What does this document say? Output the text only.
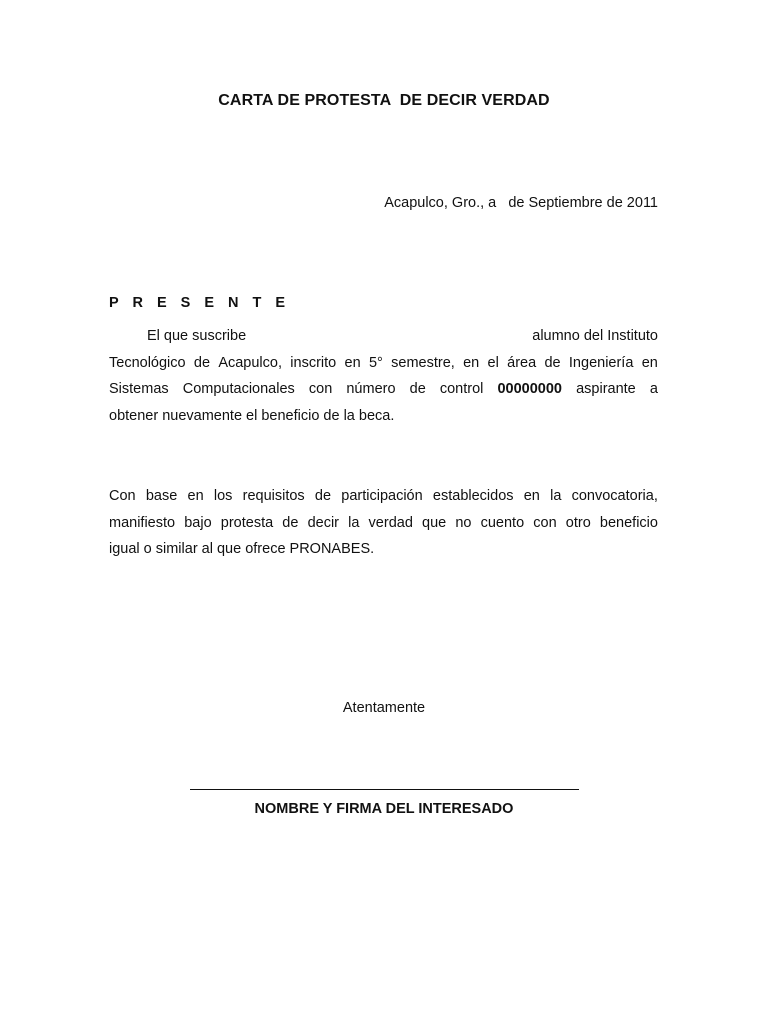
CARTA DE PROTESTA  DE DECIR VERDAD
Acapulco, Gro., a   de Septiembre de 2011
P R E S E N T E
El que suscribe	alumno del Instituto
Tecnológico de Acapulco, inscrito en 5° semestre, en el área de Ingeniería en
Sistemas Computacionales con número de control 00000000 aspirante a
obtener nuevamente el beneficio de la beca.
Con base en los requisitos de participación establecidos en la convocatoria,
manifiesto bajo protesta de decir la verdad que no cuento con otro beneficio
igual o similar al que ofrece PRONABES.
Atentamente
NOMBRE Y FIRMA DEL INTERESADO
